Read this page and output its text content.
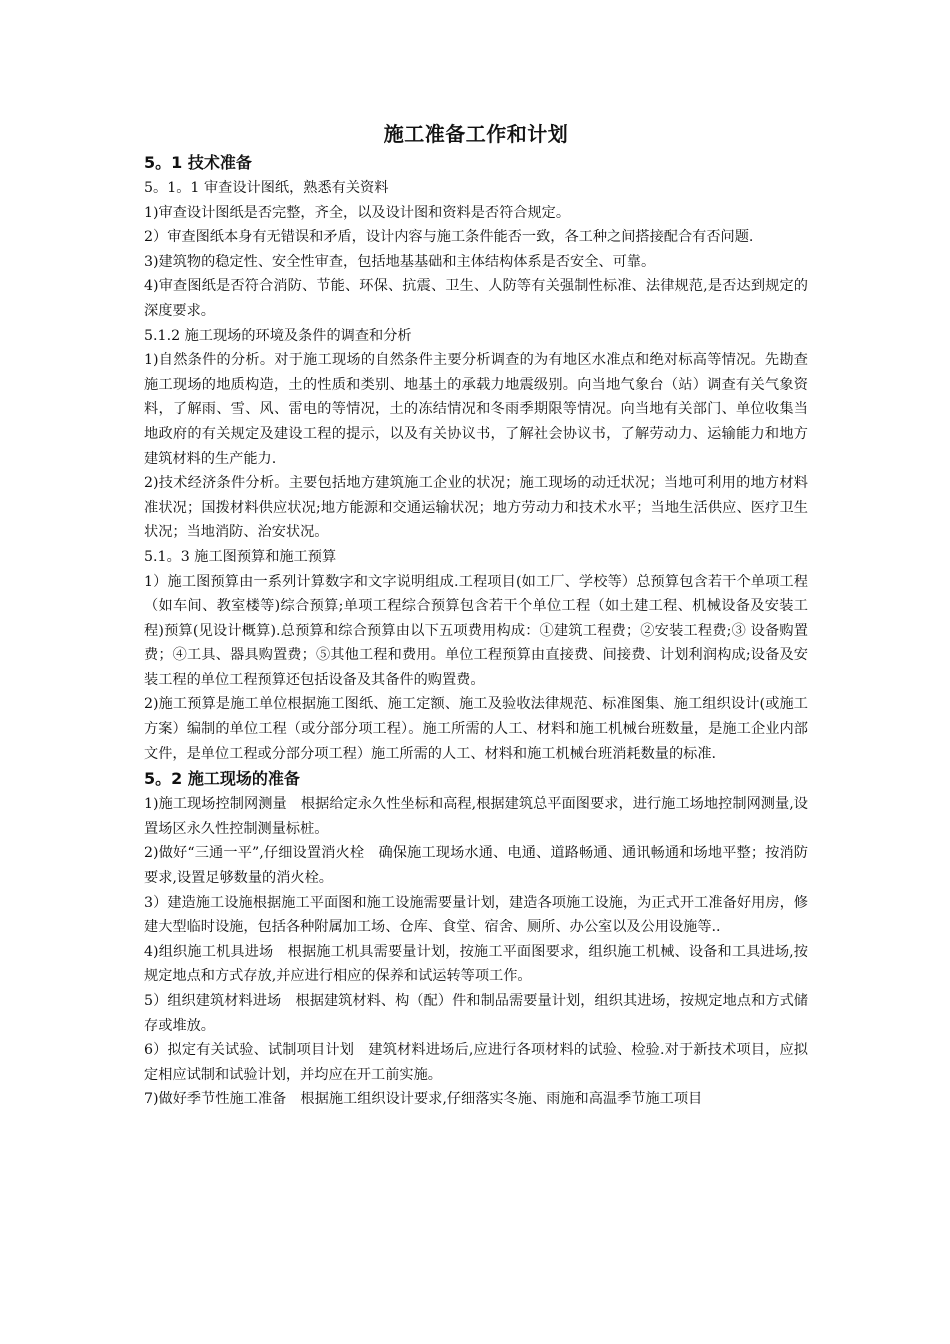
施工准备工作和计划
5。1 技术准备

5。1。1 审查设计图纸，熟悉有关资料

1)审查设计图纸是否完整，齐全，以及设计图和资料是否符合规定。

2）审查图纸本身有无错误和矛盾，设计内容与施工条件能否一致，各工种之间搭接配合有否问题.

3)建筑物的稳定性、安全性审查，包括地基基础和主体结构体系是否安全、可靠。

4)审查图纸是否符合消防、节能、环保、抗震、卫生、人防等有关强制性标准、法律规范,是否达到规定的深度要求。

5.1.2 施工现场的环境及条件的调查和分析

1)自然条件的分析。对于施工现场的自然条件主要分析调查的为有地区水准点和绝对标高等情况。先勘查施工现场的地质构造，土的性质和类别、地基土的承载力地震级别。向当地气象台（站）调查有关气象资料，了解雨、雪、风、雷电的等情况，土的冻结情况和冬雨季期限等情况。向当地有关部门、单位收集当地政府的有关规定及建设工程的提示，以及有关协议书，了解社会协议书，了解劳动力、运输能力和地方建筑材料的生产能力.

2)技术经济条件分析。主要包括地方建筑施工企业的状况；施工现场的动迁状况；当地可利用的地方材料准状况；国拨材料供应状况;地方能源和交通运输状况；地方劳动力和技术水平；当地生活供应、医疗卫生状况；当地消防、治安状况。

5.1。3 施工图预算和施工预算

1）施工图预算由一系列计算数字和文字说明组成.工程项目(如工厂、学校等）总预算包含若干个单项工程（如车间、教室楼等)综合预算;单项工程综合预算包含若干个单位工程（如土建工程、机械设备及安装工程)预算(见设计概算).总预算和综合预算由以下五项费用构成：①建筑工程费；②安装工程费;③ 设备购置费；④工具、器具购置费；⑤其他工程和费用。单位工程预算由直接费、间接费、计划利润构成;设备及安装工程的单位工程预算还包括设备及其备件的购置费。

2)施工预算是施工单位根据施工图纸、施工定额、施工及验收法律规范、标准图集、施工组织设计(或施工方案）编制的单位工程（或分部分项工程）。施工所需的人工、材料和施工机械台班数量，是施工企业内部文件，是单位工程或分部分项工程）施工所需的人工、材料和施工机械台班消耗数量的标准.

5。2 施工现场的准备

1)施工现场控制网测量　根据给定永久性坐标和高程,根据建筑总平面图要求，进行施工场地控制网测量,设置场区永久性控制测量标桩。

2)做好“三通一平”,仔细设置消火栓　确保施工现场水通、电通、道路畅通、通讯畅通和场地平整；按消防要求,设置足够数量的消火栓。

3）建造施工设施根据施工平面图和施工设施需要量计划，建造各项施工设施，为正式开工准备好用房，修建大型临时设施，包括各种附属加工场、仓库、食堂、宿舍、厕所、办公室以及公用设施等..

4)组织施工机具进场　根据施工机具需要量计划，按施工平面图要求，组织施工机械、设备和工具进场,按规定地点和方式存放,并应进行相应的保养和试运转等项工作。

5）组织建筑材料进场　根据建筑材料、构（配）件和制品需要量计划，组织其进场，按规定地点和方式储存或堆放。

6）拟定有关试验、试制项目计划　建筑材料进场后,应进行各项材料的试验、检验.对于新技术项目，应拟定相应试制和试验计划，并均应在开工前实施。

7)做好季节性施工准备　根据施工组织设计要求,仔细落实冬施、雨施和高温季节施工项目
